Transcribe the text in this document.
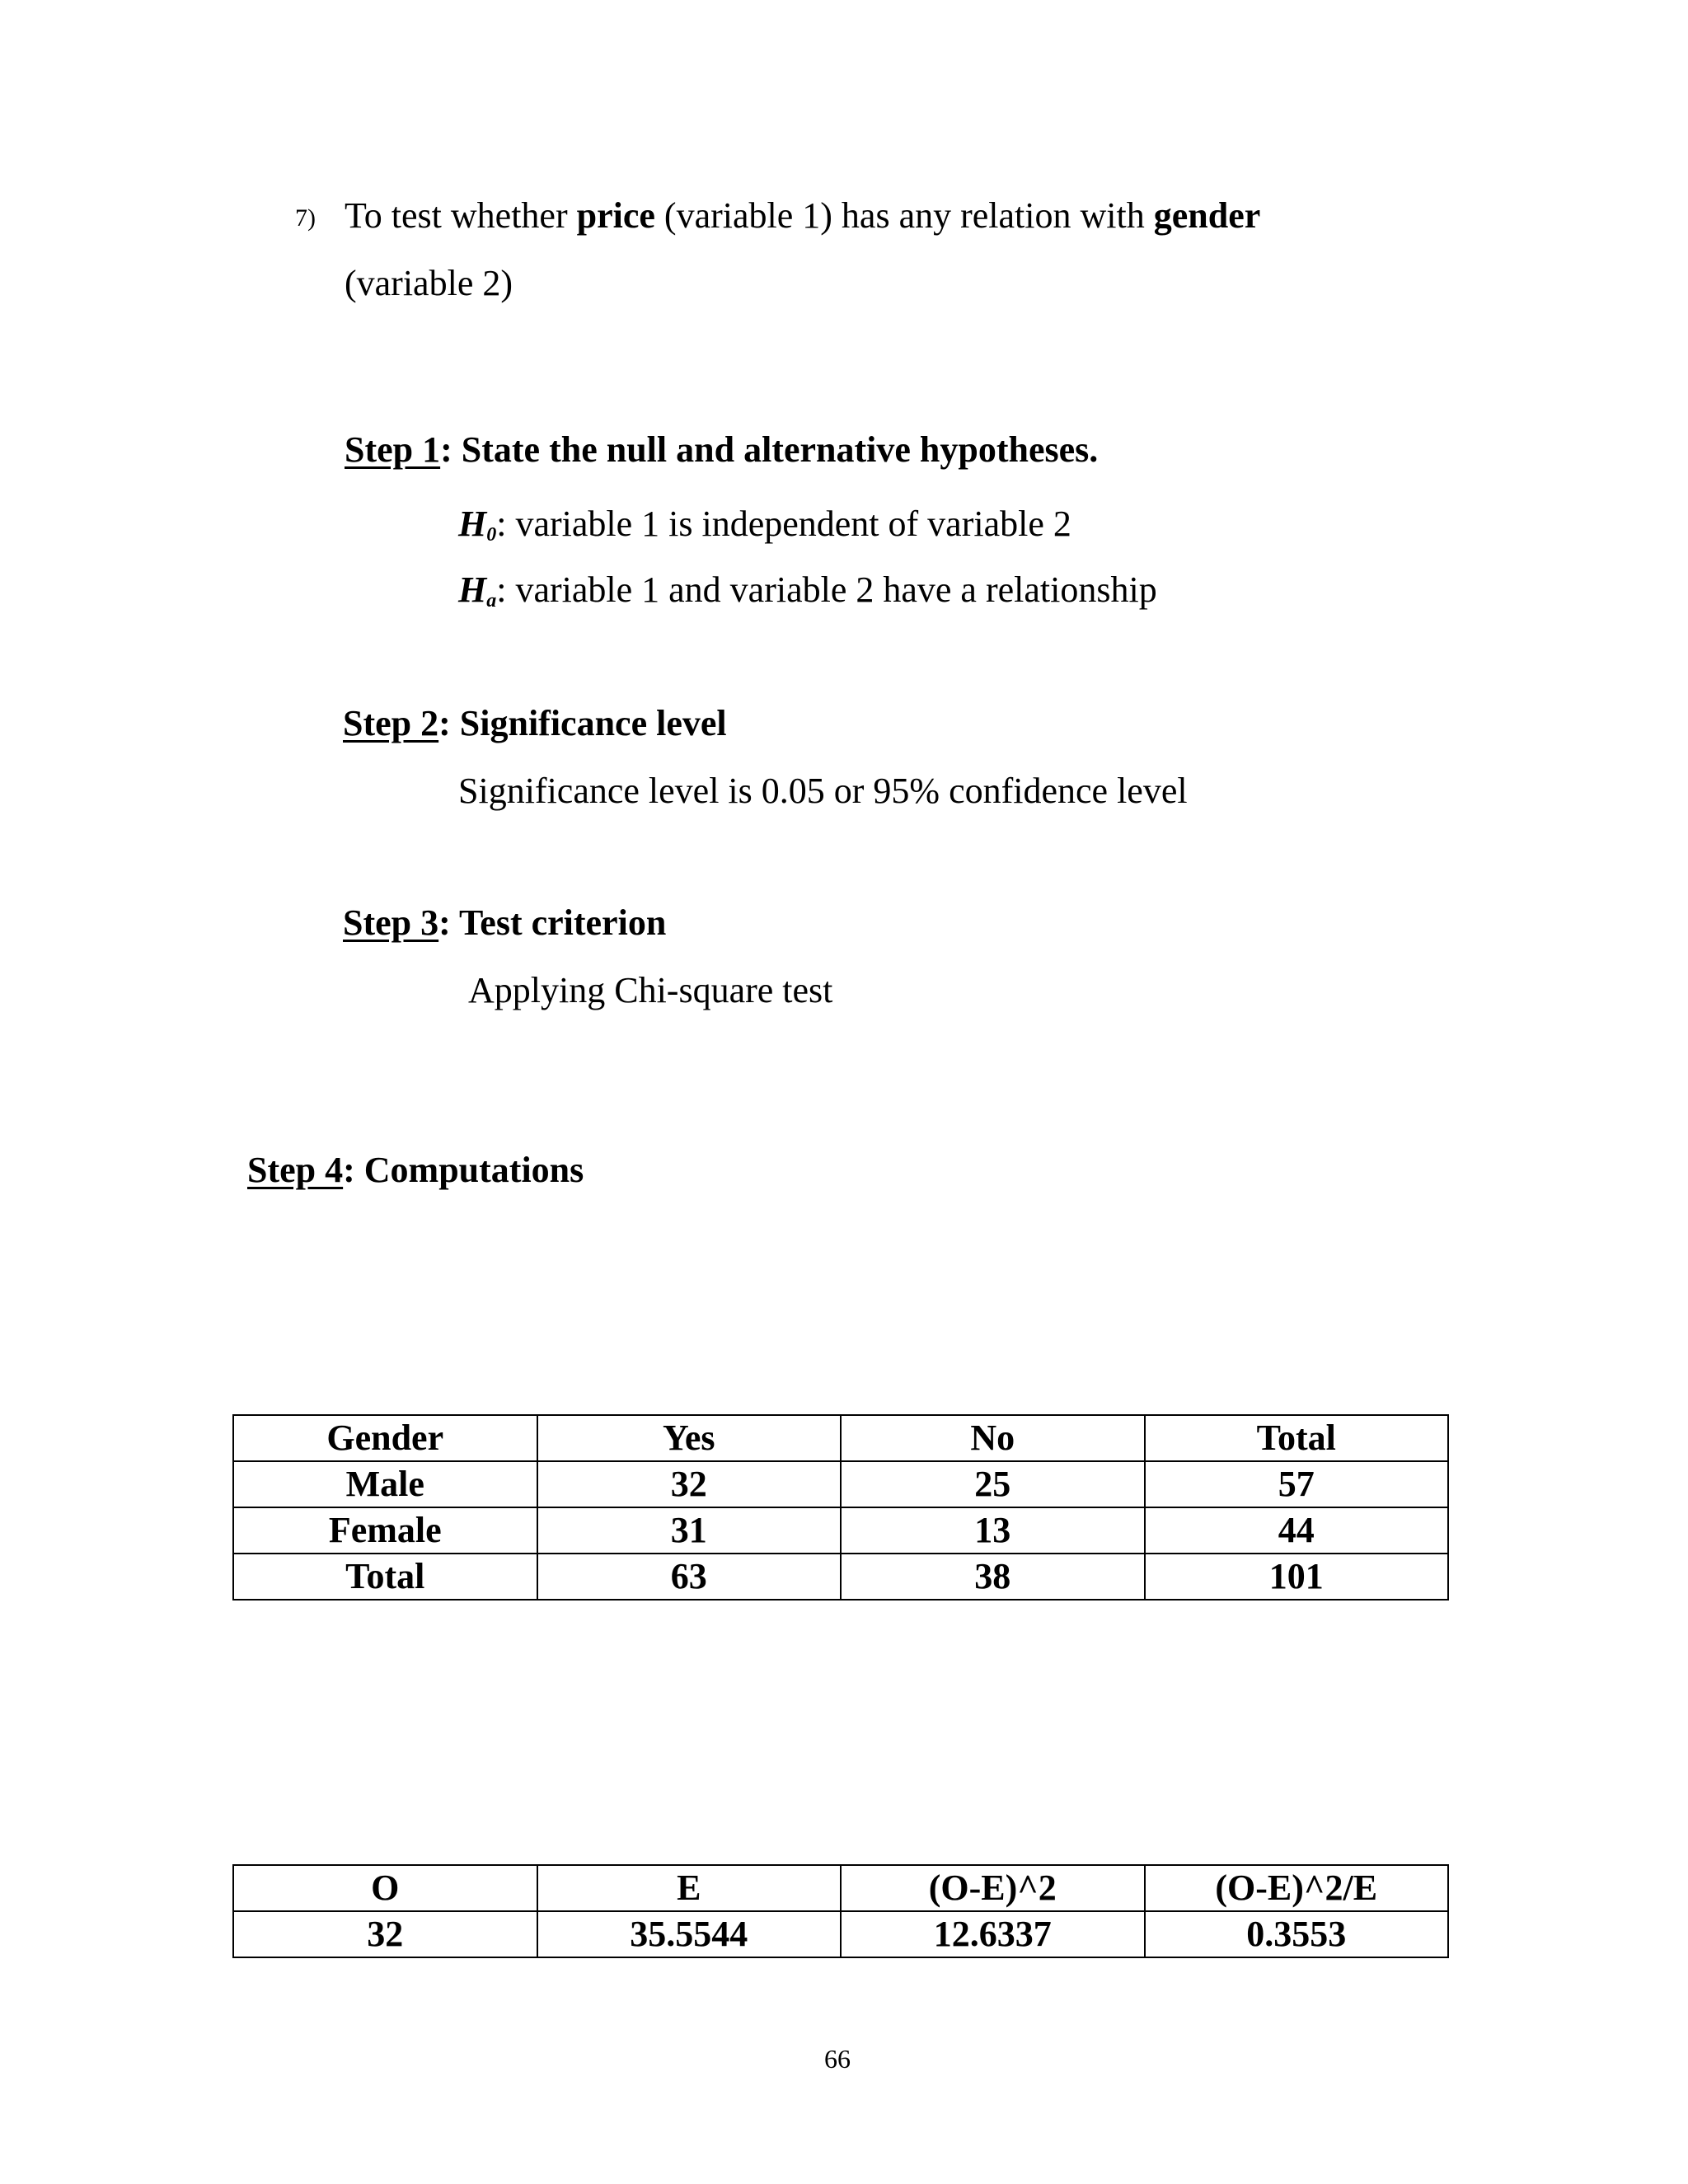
7) To test whether price (variable 1) has any relation with gender
(variable 2)
Step 1: State the null and alternative hypotheses.
$H_0$: variable 1 is independent of variable 2
$H_a$: variable 1 and variable 2 have a relationship
Step 2: Significance level
Significance level is 0.05 or 95% confidence level
Step 3: Test criterion
Applying Chi-square test
Step 4: Computations
Gender	Yes	No	Total
Male	32	25	57
Female	31	13	44
Total	63	38	101
O	E	(O-E)^2	(O-E)^2/E
32	35.5544	12.6337	0.3553
66
